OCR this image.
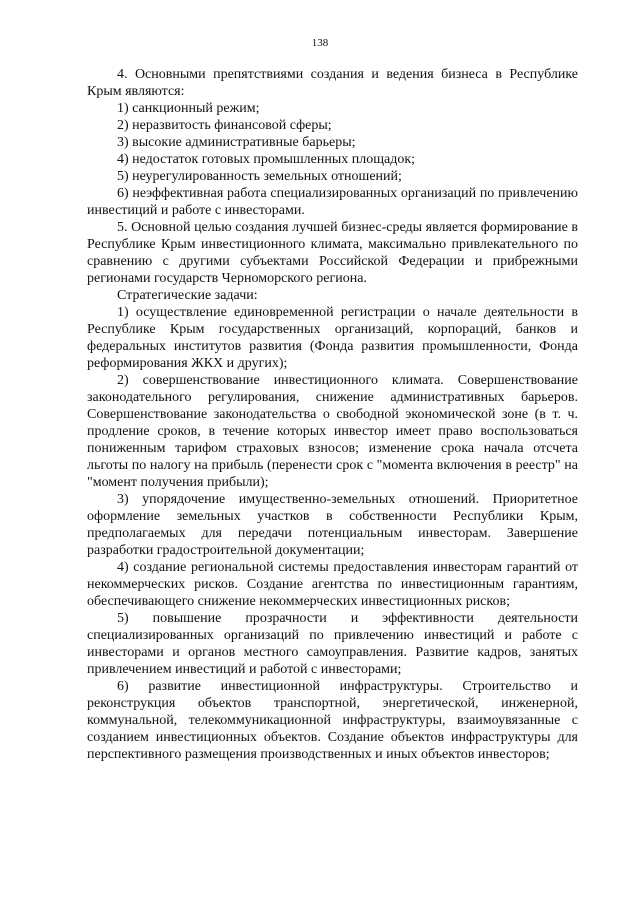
138

4. Основными препятствиями создания и ведения бизнеса в Республике Крым являются:

1) санкционный режим;

2) неразвитость финансовой сферы;

3) высокие административные барьеры;

4) недостаток готовых промышленных площадок;

5) неурегулированность земельных отношений;

6) неэффективная работа специализированных организаций по привлечению инвестиций и работе с инвесторами.

5. Основной целью создания лучшей бизнес-среды является формирование в Республике Крым инвестиционного климата, максимально привлекательного по сравнению с другими субъектами Российской Федерации и прибрежными регионами государств Черноморского региона.

Стратегические задачи:

1) осуществление единовременной регистрации о начале деятельности в Республике Крым государственных организаций, корпораций, банков и федеральных институтов развития (Фонда развития промышленности, Фонда реформирования ЖКХ и других);

2) совершенствование инвестиционного климата. Совершенствование законодательного регулирования, снижение административных барьеров. Совершенствование законодательства о свободной экономической зоне (в т. ч. продление сроков, в течение которых инвестор имеет право воспользоваться пониженным тарифом страховых взносов; изменение срока начала отсчета льготы по налогу на прибыль (перенести срок с "момента включения в реестр" на "момент получения прибыли);

3) упорядочение имущественно-земельных отношений. Приоритетное оформление земельных участков в собственности Республики Крым, предполагаемых для передачи потенциальным инвесторам. Завершение разработки градостроительной документации;

4) создание региональной системы предоставления инвесторам гарантий от некоммерческих рисков. Создание агентства по инвестиционным гарантиям, обеспечивающего снижение некоммерческих инвестиционных рисков;

5) повышение прозрачности и эффективности деятельности специализированных организаций по привлечению инвестиций и работе с инвесторами и органов местного самоуправления. Развитие кадров, занятых привлечением инвестиций и работой с инвесторами;

6) развитие инвестиционной инфраструктуры. Строительство и реконструкция объектов транспортной, энергетической, инженерной, коммунальной, телекоммуникационной инфраструктуры, взаимоувязанные с созданием инвестиционных объектов. Создание объектов инфраструктуры для перспективного размещения производственных и иных объектов инвесторов;
